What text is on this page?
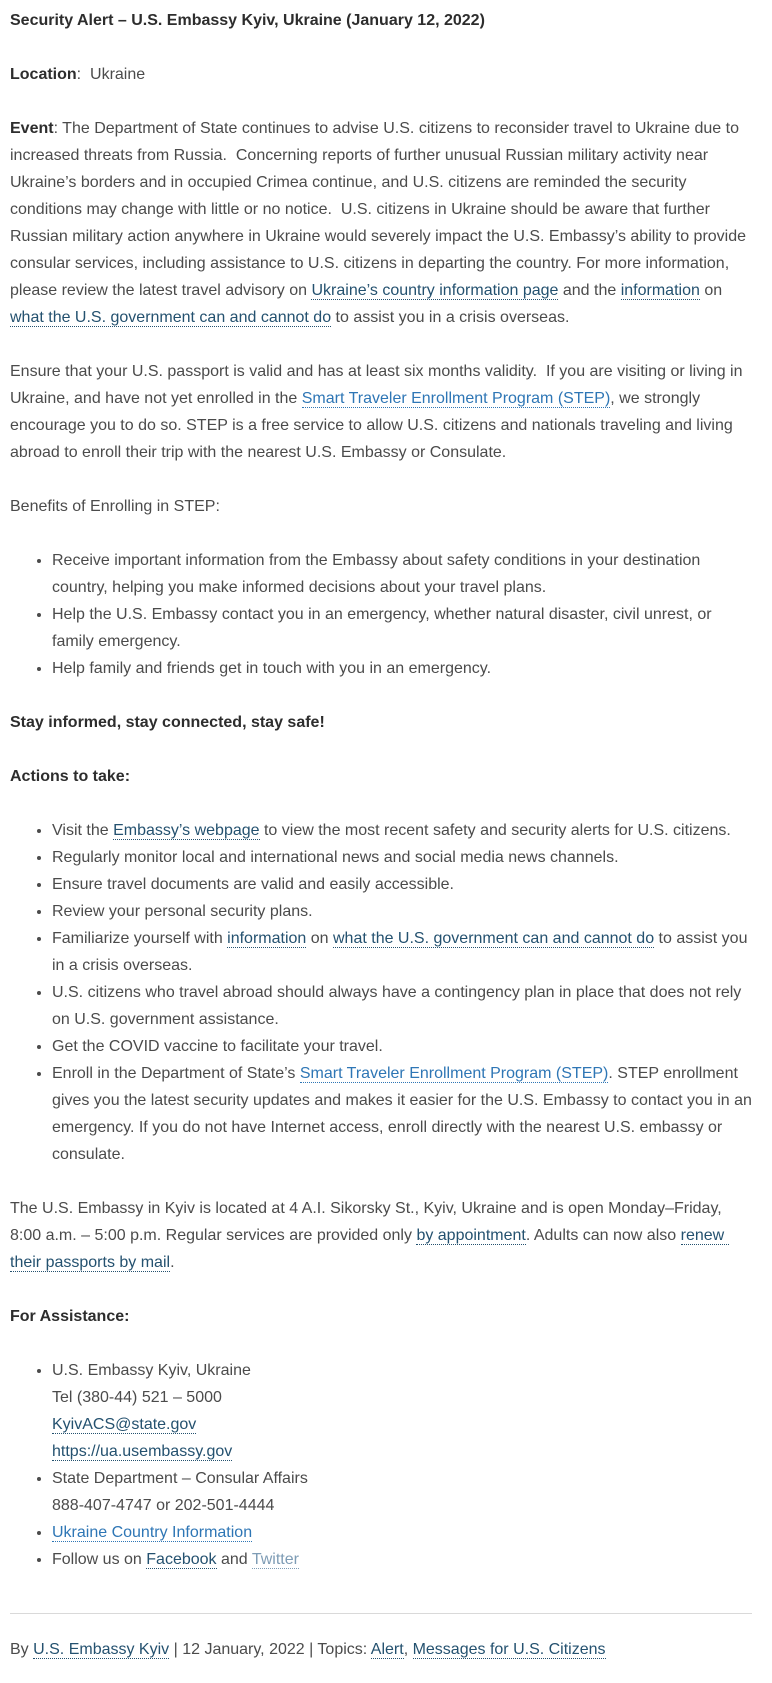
Security Alert – U.S. Embassy Kyiv, Ukraine (January 12, 2022)

Location:  Ukraine

Event: The Department of State continues to advise U.S. citizens to reconsider travel to Ukraine due to increased threats from Russia.  Concerning reports of further unusual Russian military activity near Ukraine’s borders and in occupied Crimea continue, and U.S. citizens are reminded the security conditions may change with little or no notice.  U.S. citizens in Ukraine should be aware that further Russian military action anywhere in Ukraine would severely impact the U.S. Embassy’s ability to provide consular services, including assistance to U.S. citizens in departing the country. For more information, please review the latest travel advisory on Ukraine’s country information page and the information on what the U.S. government can and cannot do to assist you in a crisis overseas.

Ensure that your U.S. passport is valid and has at least six months validity.  If you are visiting or living in Ukraine, and have not yet enrolled in the Smart Traveler Enrollment Program (STEP), we strongly encourage you to do so. STEP is a free service to allow U.S. citizens and nationals traveling and living abroad to enroll their trip with the nearest U.S. Embassy or Consulate.

Benefits of Enrolling in STEP:

• Receive important information from the Embassy about safety conditions in your destination country, helping you make informed decisions about your travel plans.
• Help the U.S. Embassy contact you in an emergency, whether natural disaster, civil unrest, or family emergency.
• Help family and friends get in touch with you in an emergency.

Stay informed, stay connected, stay safe!

Actions to take:

• Visit the Embassy’s webpage to view the most recent safety and security alerts for U.S. citizens.
• Regularly monitor local and international news and social media news channels.
• Ensure travel documents are valid and easily accessible.
• Review your personal security plans.
• Familiarize yourself with information on what the U.S. government can and cannot do to assist you in a crisis overseas.
• U.S. citizens who travel abroad should always have a contingency plan in place that does not rely on U.S. government assistance.
• Get the COVID vaccine to facilitate your travel.
• Enroll in the Department of State’s Smart Traveler Enrollment Program (STEP). STEP enrollment gives you the latest security updates and makes it easier for the U.S. Embassy to contact you in an emergency. If you do not have Internet access, enroll directly with the nearest U.S. embassy or consulate.

The U.S. Embassy in Kyiv is located at 4 A.I. Sikorsky St., Kyiv, Ukraine and is open Monday–Friday, 8:00 a.m. – 5:00 p.m. Regular services are provided only by appointment. Adults can now also renew their passports by mail.

For Assistance:

• U.S. Embassy Kyiv, Ukraine
Tel (380-44) 521 – 5000
KyivACS@state.gov
https://ua.usembassy.gov
• State Department – Consular Affairs
888-407-4747 or 202-501-4444
• Ukraine Country Information
• Follow us on Facebook and Twitter

By U.S. Embassy Kyiv | 12 January, 2022 | Topics: Alert, Messages for U.S. Citizens
